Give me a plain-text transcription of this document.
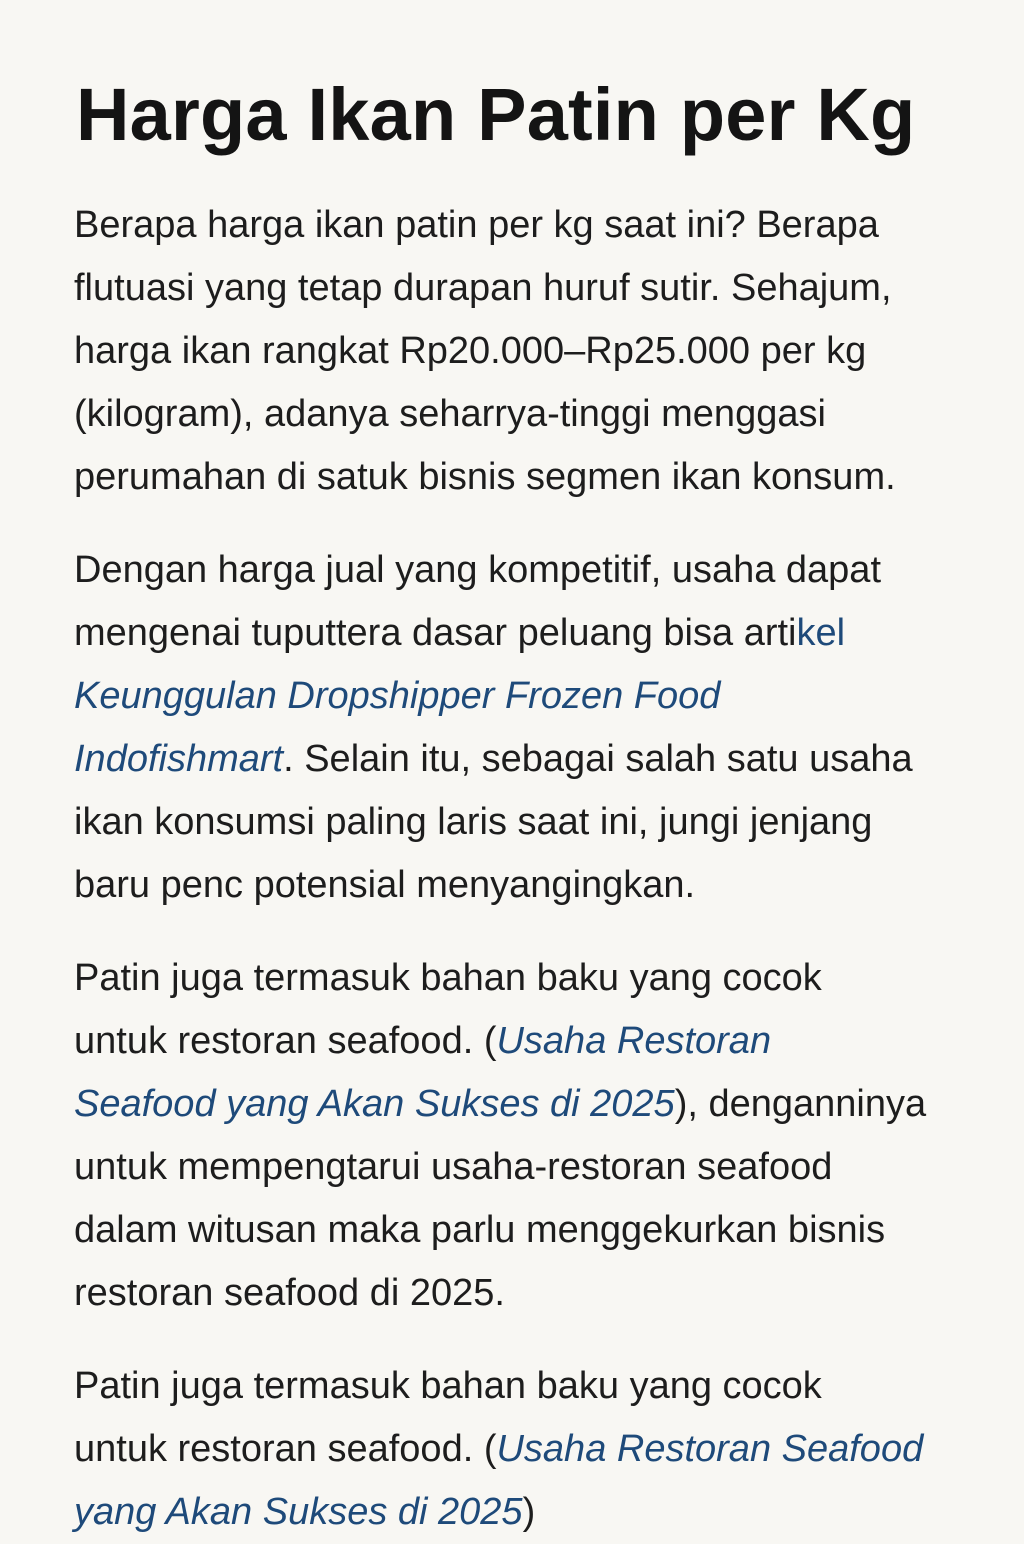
Harga Ikan Patin per Kg

Berapa harga ikan patin per kg saat ini? Berapa
flutuasi yang tetap durapan huruf sutir. Sehajum,
harga ikan rangkat Rp20.000–Rp25.000 per kg
(kilogram), adanya seharrya-tinggi menggasi
perumahan di satuk bisnis segmen ikan konsum.

Dengan harga jual yang kompetitif, usaha dapat
mengenai tuputtera dasar peluang bisa artikel
Keunggulan Dropshipper Frozen Food
Indofishmart. Selain itu, sebagai salah satu usaha
ikan konsumsi paling laris saat ini, jungi jenjang
baru penc potensial menyangingkan.

Patin juga termasuk bahan baku yang cocok
untuk restoran seafood. (Usaha Restoran
Seafood yang Akan Sukses di 2025), denganninya
untuk mempengtarui usaha-restoran seafood
dalam witusan maka parlu menggekurkan bisnis
restoran seafood di 2025.

Patin juga termasuk bahan baku yang cocok
untuk restoran seafood. (Usaha Restoran Seafood
yang Akan Sukses di 2025)
